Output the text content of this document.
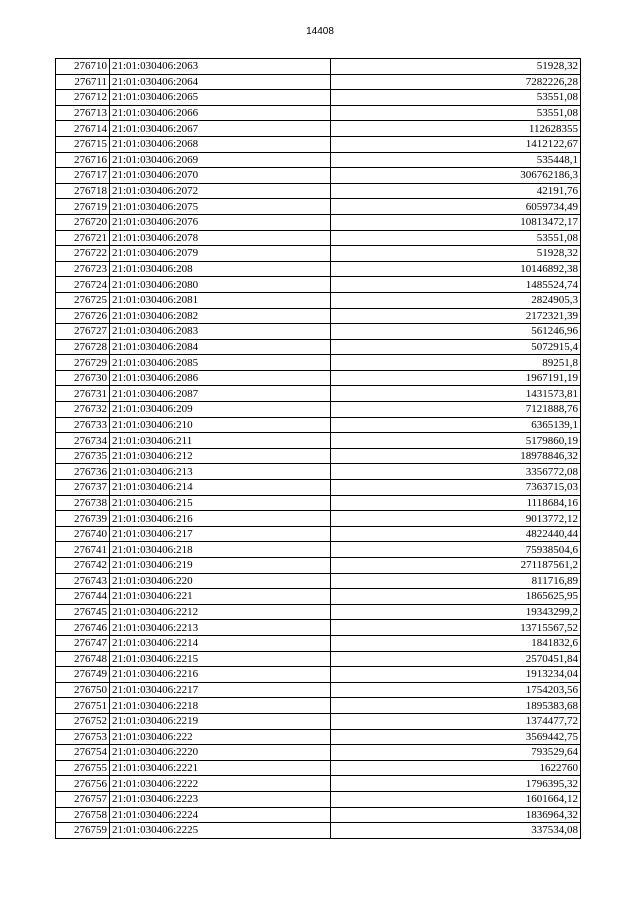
14408
276710	21:01:030406:2063	51928,32
276711	21:01:030406:2064	7282226,28
276712	21:01:030406:2065	53551,08
276713	21:01:030406:2066	53551,08
276714	21:01:030406:2067	112628355
276715	21:01:030406:2068	1412122,67
276716	21:01:030406:2069	535448,1
276717	21:01:030406:2070	306762186,3
276718	21:01:030406:2072	42191,76
276719	21:01:030406:2075	6059734,49
276720	21:01:030406:2076	10813472,17
276721	21:01:030406:2078	53551,08
276722	21:01:030406:2079	51928,32
276723	21:01:030406:208	10146892,38
276724	21:01:030406:2080	1485524,74
276725	21:01:030406:2081	2824905,3
276726	21:01:030406:2082	2172321,39
276727	21:01:030406:2083	561246,96
276728	21:01:030406:2084	5072915,4
276729	21:01:030406:2085	89251,8
276730	21:01:030406:2086	1967191,19
276731	21:01:030406:2087	1431573,81
276732	21:01:030406:209	7121888,76
276733	21:01:030406:210	6365139,1
276734	21:01:030406:211	5179860,19
276735	21:01:030406:212	18978846,32
276736	21:01:030406:213	3356772,08
276737	21:01:030406:214	7363715,03
276738	21:01:030406:215	1118684,16
276739	21:01:030406:216	9013772,12
276740	21:01:030406:217	4822440,44
276741	21:01:030406:218	75938504,6
276742	21:01:030406:219	271187561,2
276743	21:01:030406:220	811716,89
276744	21:01:030406:221	1865625,95
276745	21:01:030406:2212	19343299,2
276746	21:01:030406:2213	13715567,52
276747	21:01:030406:2214	1841832,6
276748	21:01:030406:2215	2570451,84
276749	21:01:030406:2216	1913234,04
276750	21:01:030406:2217	1754203,56
276751	21:01:030406:2218	1895383,68
276752	21:01:030406:2219	1374477,72
276753	21:01:030406:222	3569442,75
276754	21:01:030406:2220	793529,64
276755	21:01:030406:2221	1622760
276756	21:01:030406:2222	1796395,32
276757	21:01:030406:2223	1601664,12
276758	21:01:030406:2224	1836964,32
276759	21:01:030406:2225	337534,08
